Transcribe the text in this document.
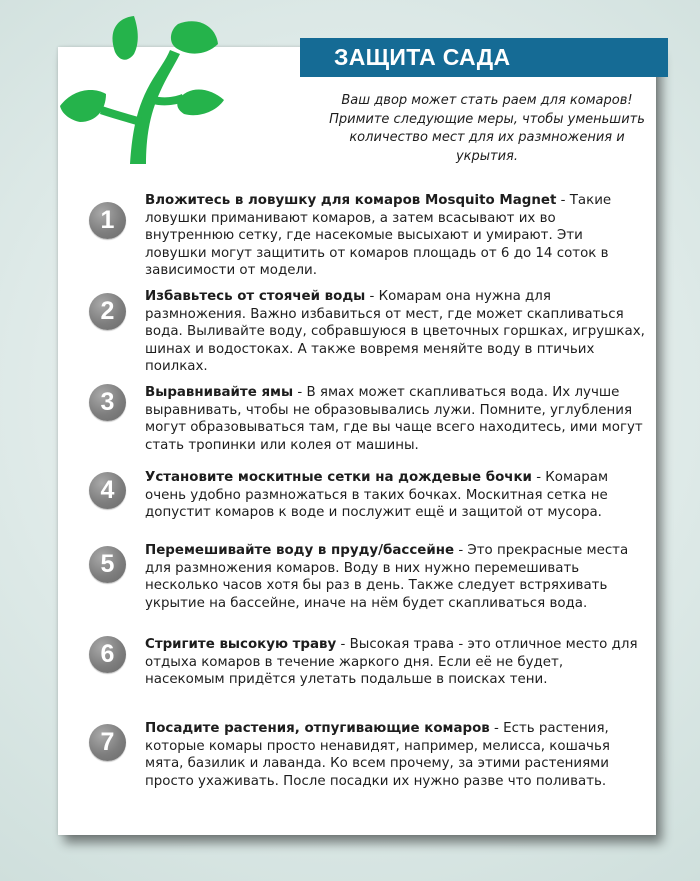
ЗАЩИТА САДА
Ваш двор может стать раем для комаров! Примите следующие меры, чтобы уменьшить количество мест для их размножения и укрытия.
1
Вложитесь в ловушку для комаров Mosquito Magnet - Такие ловушки приманивают комаров, а затем всасывают их во внутреннюю сетку, где насекомые высыхают и умирают. Эти ловушки могут защитить от комаров площадь от 6 до 14 соток в зависимости от модели.
2
Избавьтесь от стоячей воды - Комарам она нужна для размножения. Важно избавиться от мест, где может скапливаться вода. Выливайте воду, собравшуюся в цветочных горшках, игрушках, шинах и водостоках. А также вовремя меняйте воду в птичьих поилках.
3	Выравнивайте ямы - В ямах может скапливаться вода. Их лучше выравнивать, чтобы не образовывались лужи. Помните, углубления могут образовываться там, где вы чаще всего находитесь, ими могут стать тропинки или колея от машины.
4	Установите москитные сетки на дождевые бочки - Комарам очень удобно размножаться в таких бочках. Москитная сетка не допустит комаров к воде и послужит ещё и защитой от мусора.
5	Перемешивайте воду в пруду/бассейне - Это прекрасные места для размножения комаров. Воду в них нужно перемешивать несколько часов хотя бы раз в день. Также следует встряхивать укрытие на бассейне, иначе на нём будет скапливаться вода.
6	Стригите высокую траву - Высокая трава - это отличное место для отдыха комаров в течение жаркого дня. Если её не будет, насекомым придётся улетать подальше в поисках тени.
7	Посадите растения, отпугивающие комаров - Есть растения, которые комары просто ненавидят, например, мелисса, кошачья мята, базилик и лаванда. Ко всем прочему, за этими растениями просто ухаживать. После посадки их нужно разве что поливать.
